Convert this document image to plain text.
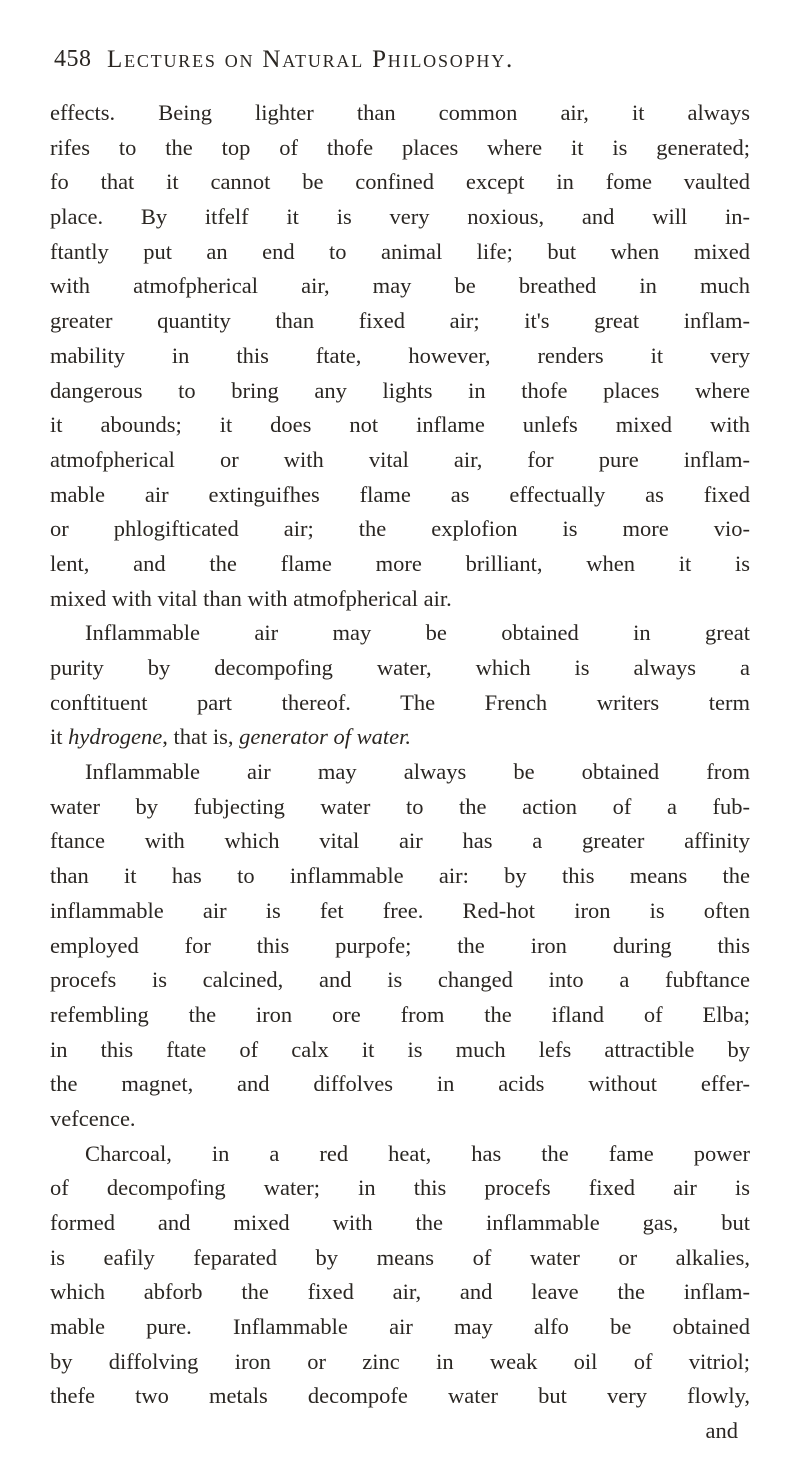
458 Lectures on Natural Philosophy.
effects. Being lighter than common air, it always
rifes to the top of thofe places where it is generated;
fo that it cannot be confined except in fome vaulted
place. By itfelf it is very noxious, and will in-
ftantly put an end to animal life; but when mixed
with atmofpherical air, may be breathed in much
greater quantity than fixed air; it's great inflam-
mability in this ftate, however, renders it very
dangerous to bring any lights in thofe places where
it abounds; it does not inflame unlefs mixed with
atmofpherical or with vital air, for pure inflam-
mable air extinguifhes flame as effectually as fixed
or phlogifticated air; the explofion is more vio-
lent, and the flame more brilliant, when it is
mixed with vital than with atmofpherical air.
Inflammable air may be obtained in great
purity by decompofing water, which is always a
conftituent part thereof. The French writers term
it hydrogene, that is, generator of water.
Inflammable air may always be obtained from
water by fubjecting water to the action of a fub-
ftance with which vital air has a greater affinity
than it has to inflammable air: by this means the
inflammable air is fet free. Red-hot iron is often
employed for this purpofe; the iron during this
procefs is calcined, and is changed into a fubftance
refembling the iron ore from the ifland of Elba;
in this ftate of calx it is much lefs attractible by
the magnet, and diffolves in acids without effer-
vefcence.
Charcoal, in a red heat, has the fame power
of decompofing water; in this procefs fixed air is
formed and mixed with the inflammable gas, but
is eafily feparated by means of water or alkalies,
which abforb the fixed air, and leave the inflam-
mable pure. Inflammable air may alfo be obtained
by diffolving iron or zinc in weak oil of vitriol;
thefe two metals decompofe water but very flowly,
and
